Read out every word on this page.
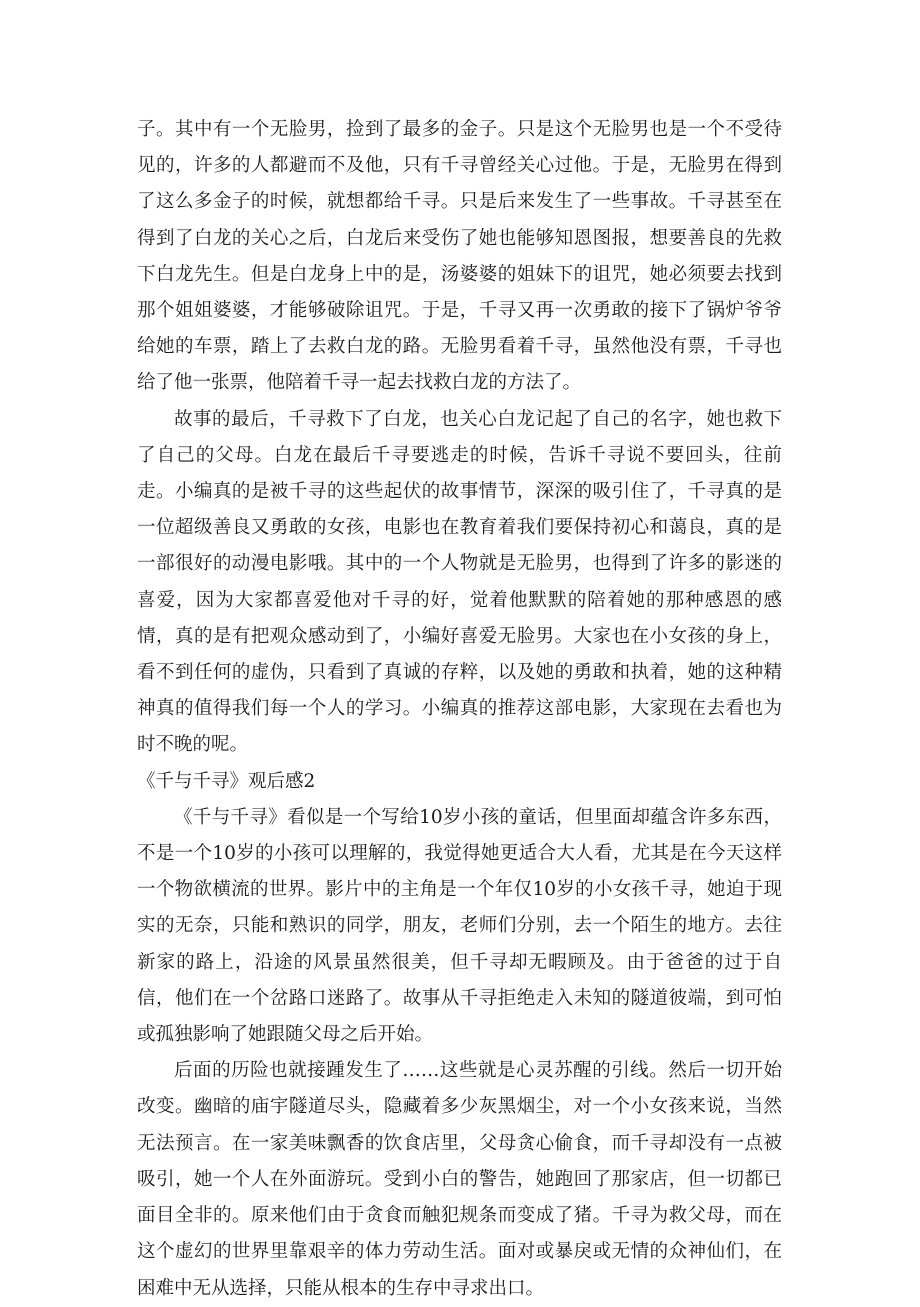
子。其中有一个无脸男，捡到了最多的金子。只是这个无脸男也是一个不受待见的，许多的人都避而不及他，只有千寻曾经关心过他。于是，无脸男在得到了这么多金子的时候，就想都给千寻。只是后来发生了一些事故。千寻甚至在得到了白龙的关心之后，白龙后来受伤了她也能够知恩图报，想要善良的先救下白龙先生。但是白龙身上中的是，汤婆婆的姐妹下的诅咒，她必须要去找到那个姐姐婆婆，才能够破除诅咒。于是，千寻又再一次勇敢的接下了锅炉爷爷给她的车票，踏上了去救白龙的路。无脸男看着千寻，虽然他没有票，千寻也给了他一张票，他陪着千寻一起去找救白龙的方法了。

故事的最后，千寻救下了白龙，也关心白龙记起了自己的名字，她也救下了自己的父母。白龙在最后千寻要逃走的时候，告诉千寻说不要回头，往前走。小编真的是被千寻的这些起伏的故事情节，深深的吸引住了，千寻真的是一位超级善良又勇敢的女孩，电影也在教育着我们要保持初心和蔼良，真的是一部很好的动漫电影哦。其中的一个人物就是无脸男，也得到了许多的影迷的喜爱，因为大家都喜爱他对千寻的好，觉着他默默的陪着她的那种感恩的感情，真的是有把观众感动到了，小编好喜爱无脸男。大家也在小女孩的身上，看不到任何的虚伪，只看到了真诚的存粹，以及她的勇敢和执着，她的这种精神真的值得我们每一个人的学习。小编真的推荐这部电影，大家现在去看也为时不晚的呢。

《千与千寻》观后感2

《千与千寻》看似是一个写给10岁小孩的童话，但里面却蕴含许多东西，不是一个10岁的小孩可以理解的，我觉得她更适合大人看，尤其是在今天这样一个物欲横流的世界。影片中的主角是一个年仅10岁的小女孩千寻，她迫于现实的无奈，只能和熟识的同学，朋友，老师们分别，去一个陌生的地方。去往新家的路上，沿途的风景虽然很美，但千寻却无暇顾及。由于爸爸的过于自信，他们在一个岔路口迷路了。故事从千寻拒绝走入未知的隧道彼端，到可怕或孤独影响了她跟随父母之后开始。

后面的历险也就接踵发生了……这些就是心灵苏醒的引线。然后一切开始改变。幽暗的庙宇隧道尽头，隐藏着多少灰黑烟尘，对一个小女孩来说，当然无法预言。在一家美味飘香的饮食店里，父母贪心偷食，而千寻却没有一点被吸引，她一个人在外面游玩。受到小白的警告，她跑回了那家店，但一切都已面目全非的。原来他们由于贪食而触犯规条而变成了猪。千寻为救父母，而在这个虚幻的世界里靠艰辛的体力劳动生活。面对或暴戾或无情的众神仙们，在困难中无从选择，只能从根本的生存中寻求出口。
